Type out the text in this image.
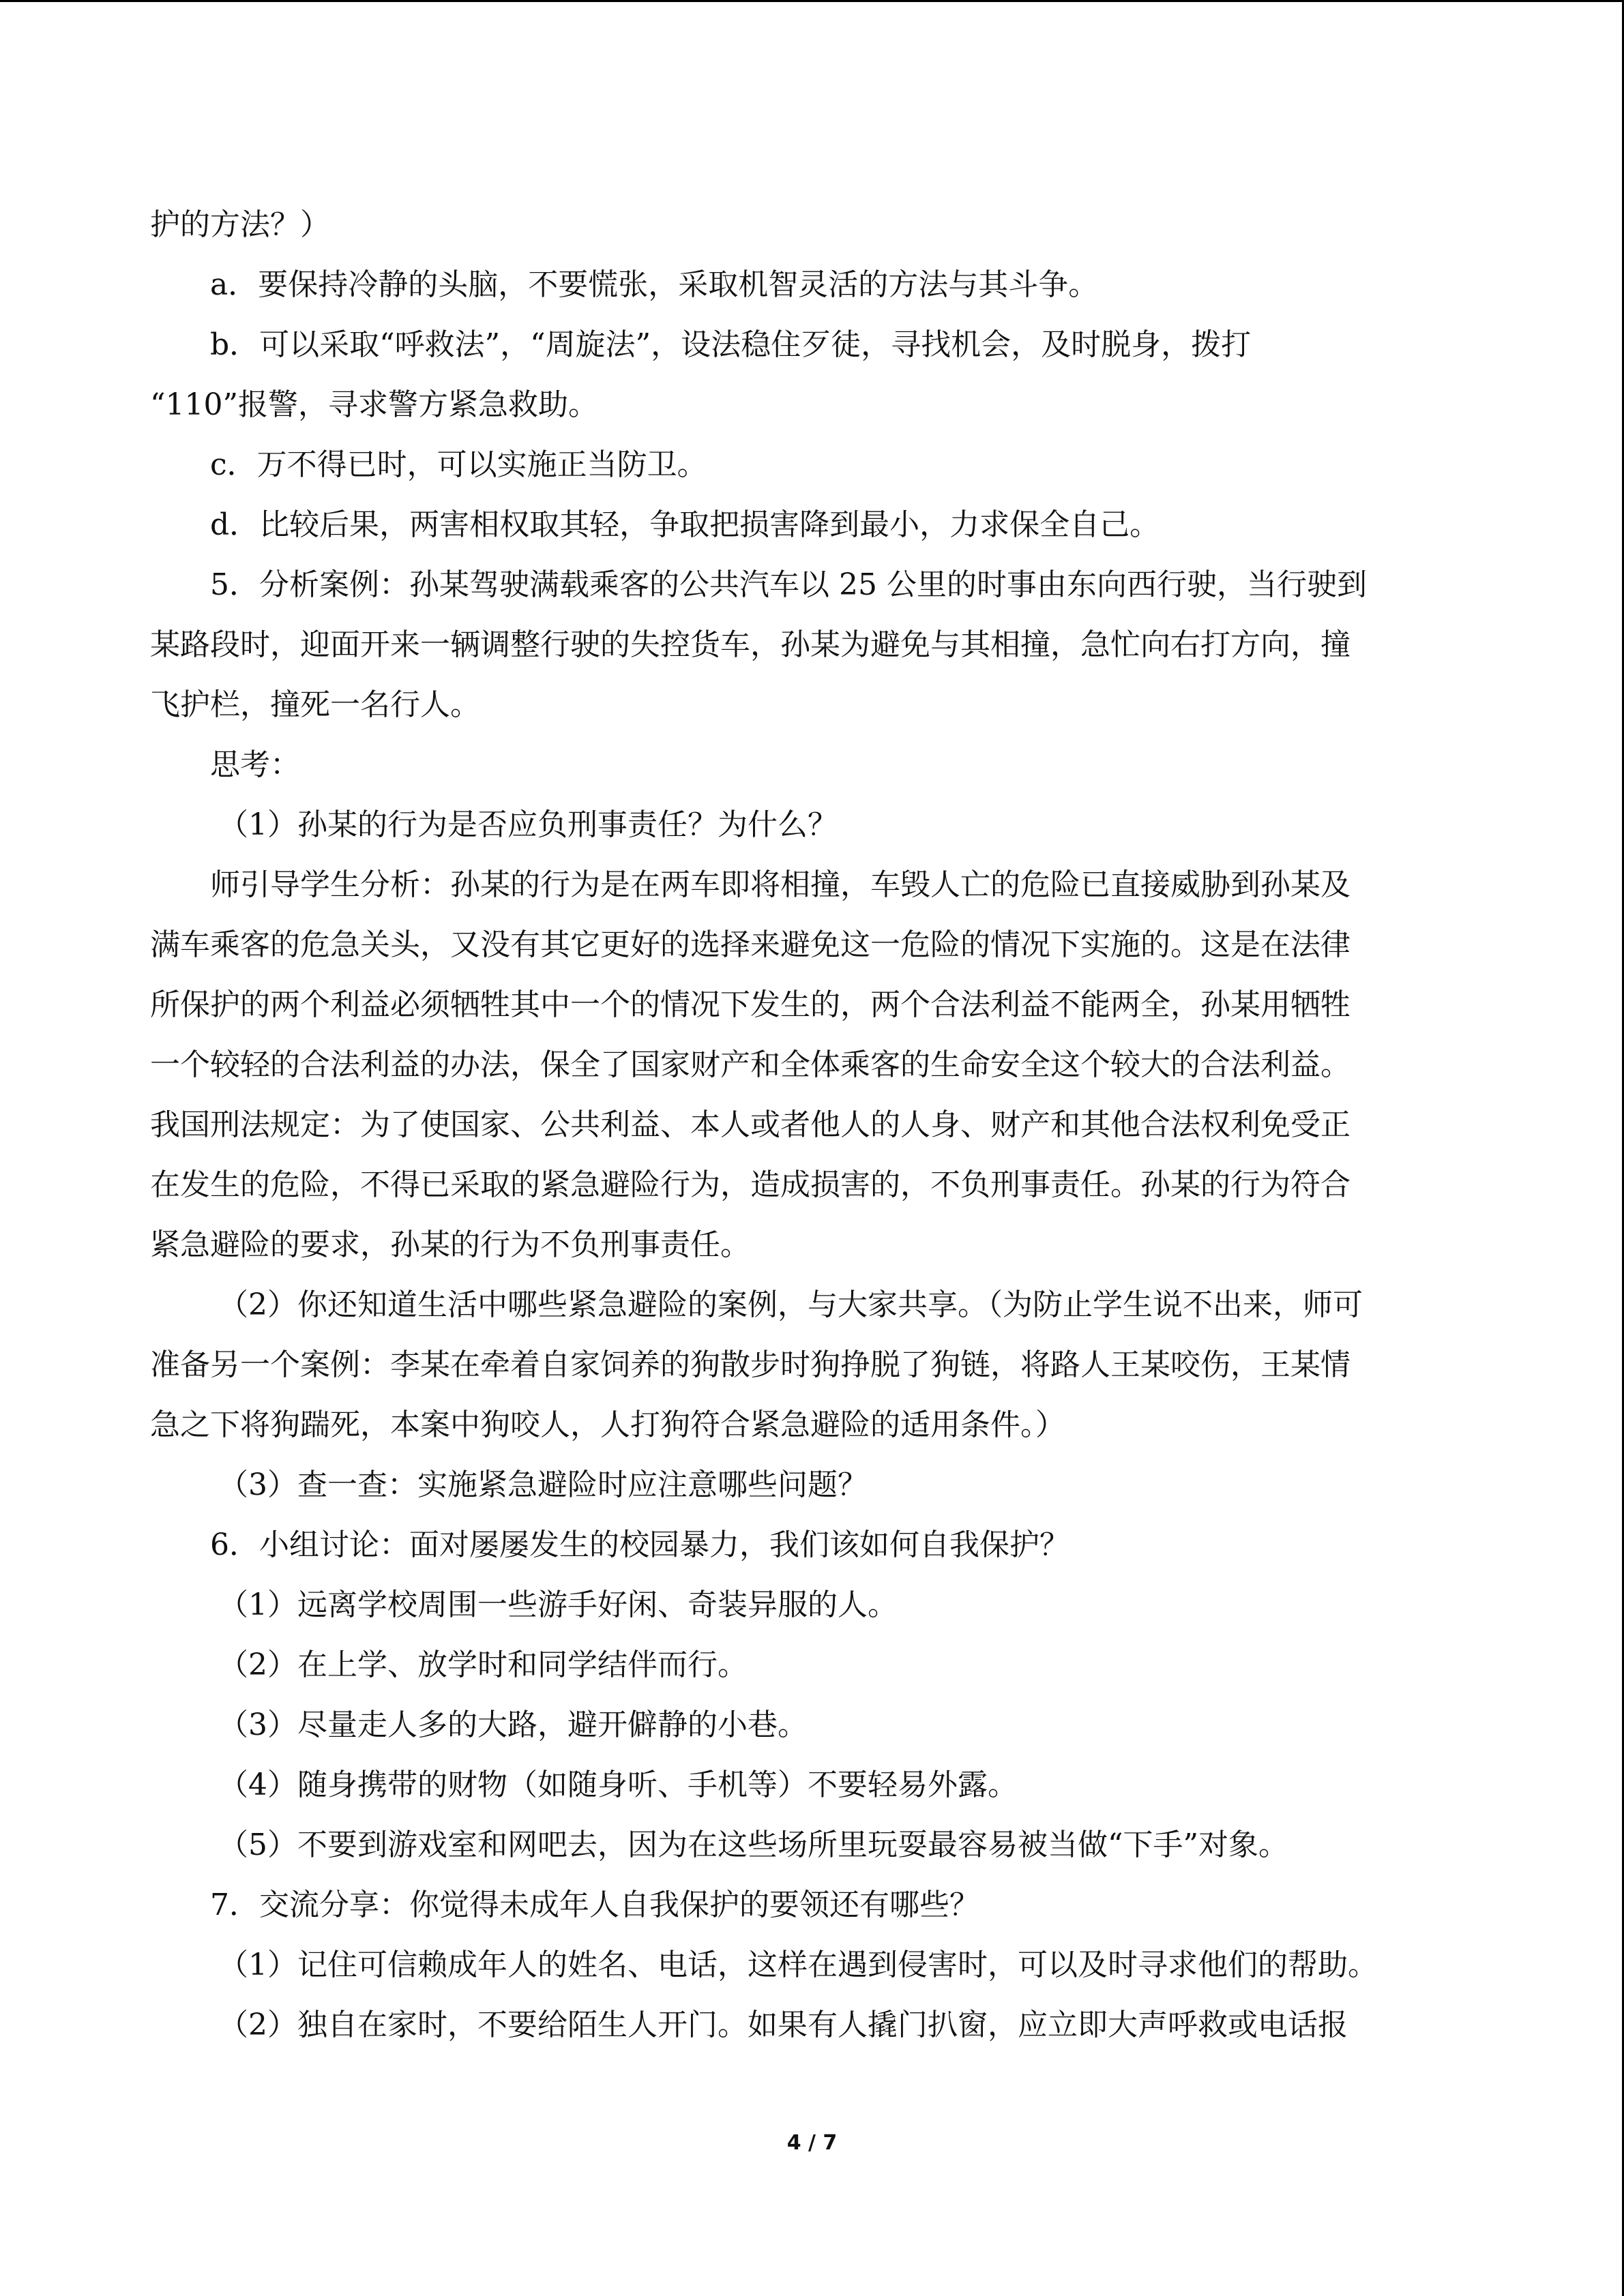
护的方法？）
a．要保持冷静的头脑，不要慌张，采取机智灵活的方法与其斗争。
b．可以采取“呼救法”，“周旋法”，设法稳住歹徒，寻找机会，及时脱身，拨打
“110”报警，寻求警方紧急救助。
c．万不得已时，可以实施正当防卫。
d．比较后果，两害相权取其轻，争取把损害降到最小，力求保全自己。
5．分析案例：孙某驾驶满载乘客的公共汽车以 25 公里的时事由东向西行驶，当行驶到
某路段时，迎面开来一辆调整行驶的失控货车，孙某为避免与其相撞，急忙向右打方向，撞
飞护栏，撞死一名行人。
思考：
（1）孙某的行为是否应负刑事责任？为什么？
师引导学生分析：孙某的行为是在两车即将相撞，车毁人亡的危险已直接威胁到孙某及
满车乘客的危急关头，又没有其它更好的选择来避免这一危险的情况下实施的。这是在法律
所保护的两个利益必须牺牲其中一个的情况下发生的，两个合法利益不能两全，孙某用牺牲
一个较轻的合法利益的办法，保全了国家财产和全体乘客的生命安全这个较大的合法利益。
我国刑法规定：为了使国家、公共利益、本人或者他人的人身、财产和其他合法权利免受正
在发生的危险，不得已采取的紧急避险行为，造成损害的，不负刑事责任。孙某的行为符合
紧急避险的要求，孙某的行为不负刑事责任。
（2）你还知道生活中哪些紧急避险的案例，与大家共享。（为防止学生说不出来，师可
准备另一个案例：李某在牵着自家饲养的狗散步时狗挣脱了狗链，将路人王某咬伤，王某情
急之下将狗踹死，本案中狗咬人，人打狗符合紧急避险的适用条件。）
（3）查一查：实施紧急避险时应注意哪些问题？
6．小组讨论：面对屡屡发生的校园暴力，我们该如何自我保护？
（1）远离学校周围一些游手好闲、奇装异服的人。
（2）在上学、放学时和同学结伴而行。
（3）尽量走人多的大路，避开僻静的小巷。
（4）随身携带的财物（如随身听、手机等）不要轻易外露。
（5）不要到游戏室和网吧去，因为在这些场所里玩耍最容易被当做“下手”对象。
7．交流分享：你觉得未成年人自我保护的要领还有哪些？
（1）记住可信赖成年人的姓名、电话，这样在遇到侵害时，可以及时寻求他们的帮助。
（2）独自在家时，不要给陌生人开门。如果有人撬门扒窗，应立即大声呼救或电话报
4 / 7
